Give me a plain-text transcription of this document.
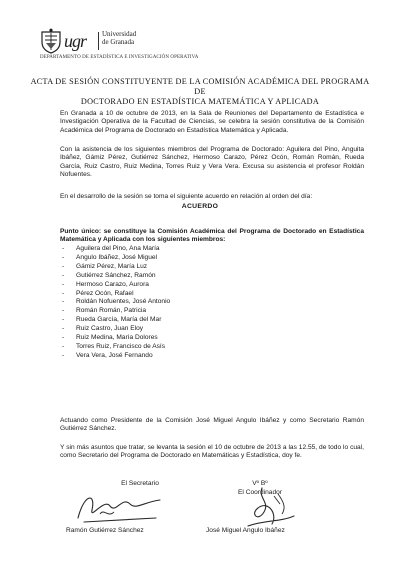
ugr Universidad
de Granada
DEPARTAMENTO DE ESTADÍSTICA E INVESTIGACIÓN OPERATIVA
ACTA DE SESIÓN CONSTITUYENTE DE LA COMISIÓN ACADÉMICA DEL PROGRAMA DE
DOCTORADO EN ESTADÍSTICA MATEMÁTICA Y APLICADA

En Granada a 10 de octubre de 2013, en la Sala de Reuniones del Departamento de Estadística e Investigación Operativa de la Facultad de Ciencias, se celebra la sesión constitutiva de la Comisión Académica del Programa de Doctorado en Estadística Matemática y Aplicada.

Con la asistencia de los siguientes miembros del Programa de Doctorado: Aguilera del Pino, Anguita Ibáñez, Gámiz Pérez, Gutiérrez Sánchez, Hermoso Carazo, Pérez Ocón, Román Román, Rueda García, Ruiz Castro, Ruiz Medina, Torres Ruiz y Vera Vera. Excusa su asistencia el profesor Roldán Nofuentes.

En el desarrollo de la sesión se toma el siguiente acuerdo en relación al orden del día:

ACUERDO

Punto único: se constituye la Comisión Académica del Programa de Doctorado en Estadística Matemática y Aplicada con los siguientes miembros:

- Aguilera del Pino, Ana María
- Angulo Ibáñez, José Miguel
- Gámiz Pérez, María Luz
- Gutiérrez Sánchez, Ramón
- Hermoso Carazo, Aurora
- Pérez Ocón, Rafael
- Roldán Nofuentes, José Antonio
- Román Román, Patricia
- Rueda García, María del Mar
- Ruiz Castro, Juan Eloy
- Ruiz Medina, María Dolores
- Torres Ruiz, Francisco de Asís
- Vera Vera, José Fernando

Actuando como Presidente de la Comisión José Miguel Angulo Ibáñez y como Secretario Ramón Gutiérrez Sánchez.

Y sin más asuntos que tratar, se levanta la sesión el 10 de octubre de 2013 a las 12.55, de todo lo cual, como Secretario del Programa de Doctorado en Matemáticas y Estadística, doy fe.

El Secretario	Vº Bº
El Coordinador
Ramón Gutiérrez Sánchez	José Miguel Angulo Ibáñez
